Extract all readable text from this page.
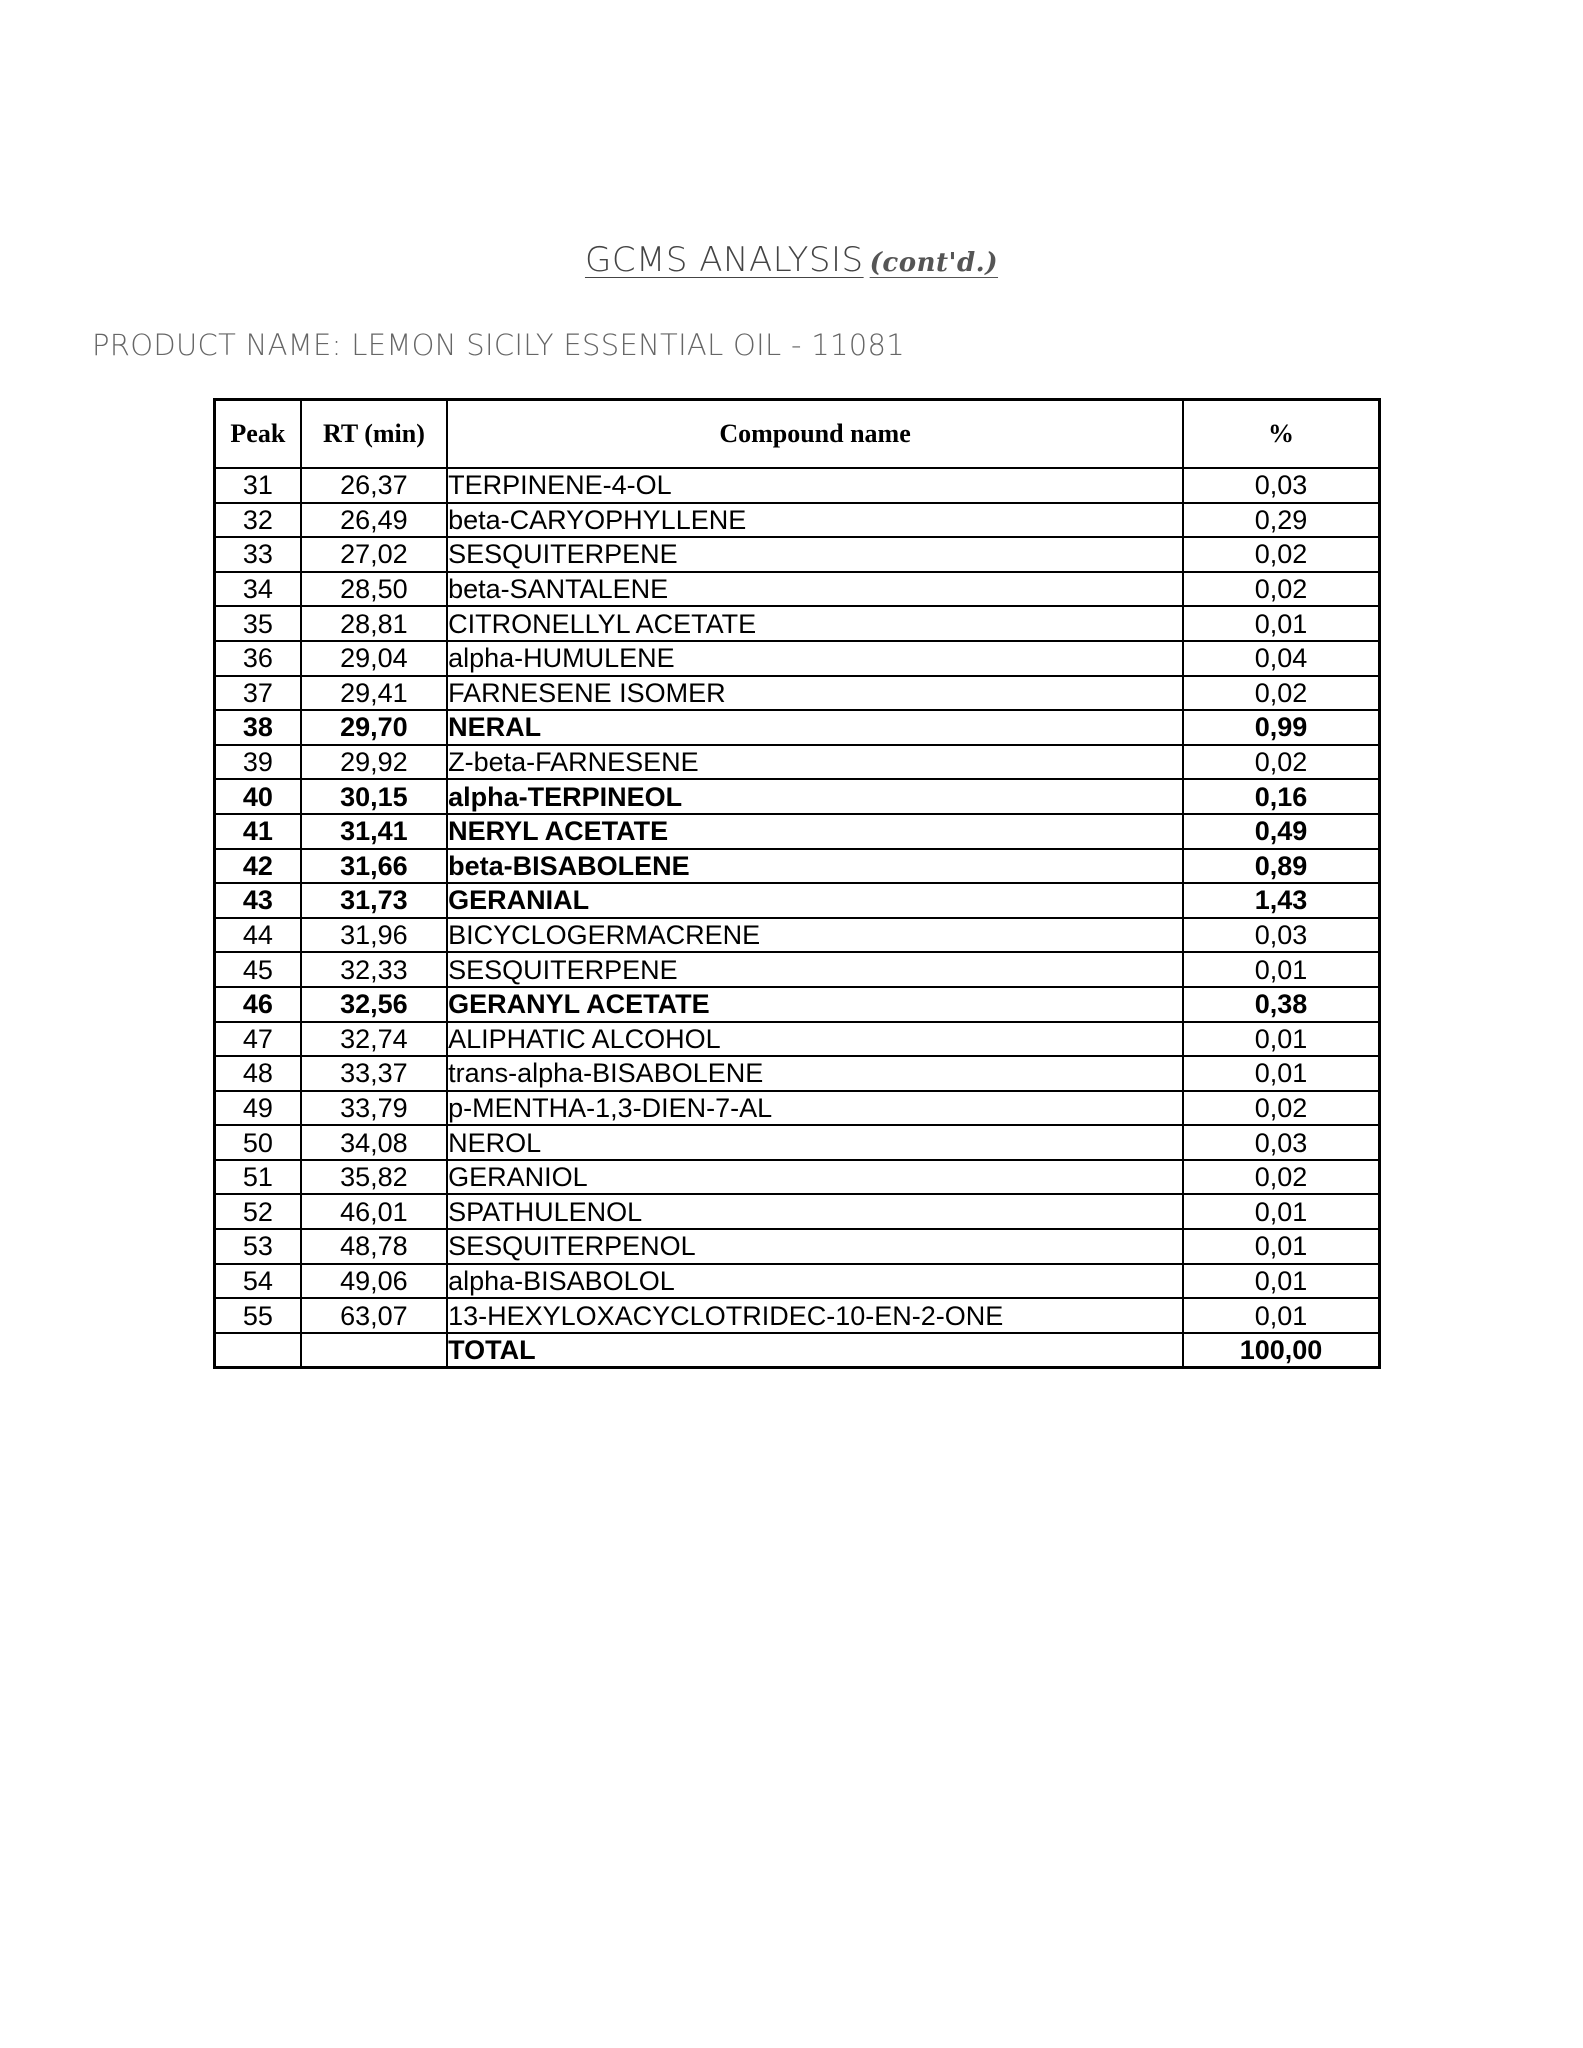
GCMS ANALYSIS (cont'd.)
PRODUCT NAME: LEMON SICILY ESSENTIAL OIL - 11081
Peak	RT (min)	Compound name	%
31	26,37	TERPINENE-4-OL	0,03
32	26,49	beta-CARYOPHYLLENE	0,29
33	27,02	SESQUITERPENE	0,02
34	28,50	beta-SANTALENE	0,02
35	28,81	CITRONELLYL ACETATE	0,01
36	29,04	alpha-HUMULENE	0,04
37	29,41	FARNESENE ISOMER	0,02
38	29,70	NERAL	0,99
39	29,92	Z-beta-FARNESENE	0,02
40	30,15	alpha-TERPINEOL	0,16
41	31,41	NERYL ACETATE	0,49
42	31,66	beta-BISABOLENE	0,89
43	31,73	GERANIAL	1,43
44	31,96	BICYCLOGERMACRENE	0,03
45	32,33	SESQUITERPENE	0,01
46	32,56	GERANYL ACETATE	0,38
47	32,74	ALIPHATIC ALCOHOL	0,01
48	33,37	trans-alpha-BISABOLENE	0,01
49	33,79	p-MENTHA-1,3-DIEN-7-AL	0,02
50	34,08	NEROL	0,03
51	35,82	GERANIOL	0,02
52	46,01	SPATHULENOL	0,01
53	48,78	SESQUITERPENOL	0,01
54	49,06	alpha-BISABOLOL	0,01
55	63,07	13-HEXYLOXACYCLOTRIDEC-10-EN-2-ONE	0,01
		TOTAL	100,00
